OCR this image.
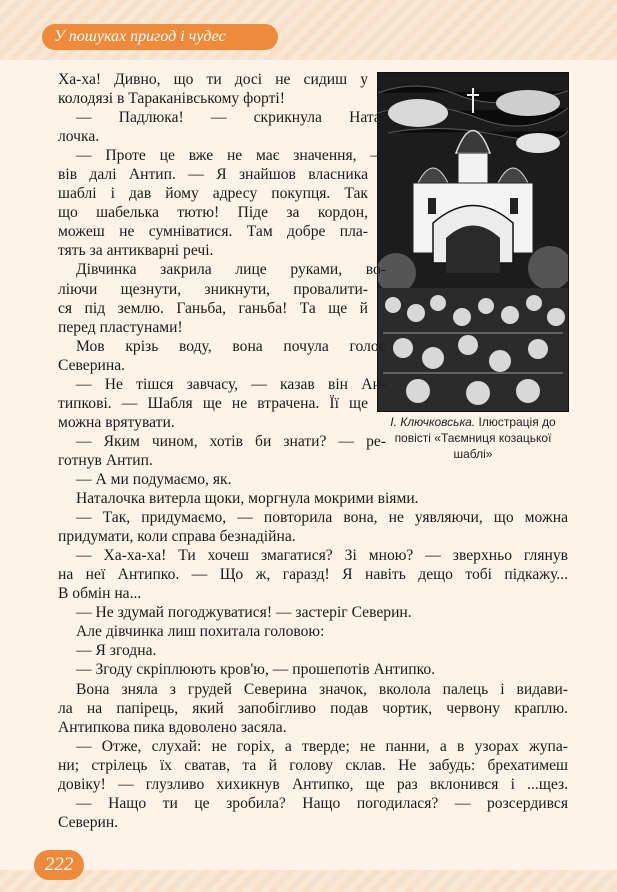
У пошуках пригод і чудес
І. Ключковська. Ілюстрація до повісті «Таємниця козацької шаблі»
Ха-ха! Дивно, що ти досі не сидиш у
колодязі в Тараканівському форті!
— Падлюка! — скрикнула Ната-
лочка.
— Проте це вже не має значення, —
вів далі Антип. — Я знайшов власника
шаблі і дав йому адресу покупця. Так
що шабелька тютю! Піде за кордон,
можеш не сумніватися. Там добре пла-
тять за антикварні речі.
Дівчинка закрила лице руками, во-
ліючи щезнути, зникнути, провалити-
ся під землю. Ганьба, ганьба! Та ще й
перед пластунами!
Мов крізь воду, вона почула голос
Северина.
— Не тішся завчасу, — казав він Ан-
типкові. — Шабля ще не втрачена. Її ще
можна врятувати.
— Яким чином, хотів би знати? — ре-
готнув Антип.
— А ми подумаємо, як.
Наталочка витерла щоки, моргнула мокрими віями.
— Так, придумаємо, — повторила вона, не уявляючи, що можна
придумати, коли справа безнадійна.
— Ха-ха-ха! Ти хочеш змагатися? Зі мною? — зверхньо глянув
на неї Антипко. — Що ж, гаразд! Я навіть дещо тобі підкажу...
В обмін на...
— Не здумай погоджуватися! — застеріг Северин.
Але дівчинка лиш похитала головою:
— Я згодна.
— Згоду скріплюють кров'ю, — прошепотів Антипко.
Вона зняла з грудей Северина значок, вколола палець і видави-
ла на папірець, який запобігливо подав чортик, червону краплю.
Антипкова пика вдоволено засяла.
— Отже, слухай: не горіх, а тверде; не панни, а в узорах жупа-
ни; стрілець їх сватав, та й голову склав. Не забудь: брехатимеш
довіку! — глузливо хихикнув Антипко, ще раз вклонився і ...щез.
— Нащо ти це зробила? Нащо погодилася? — розсердився
Северин.
222
